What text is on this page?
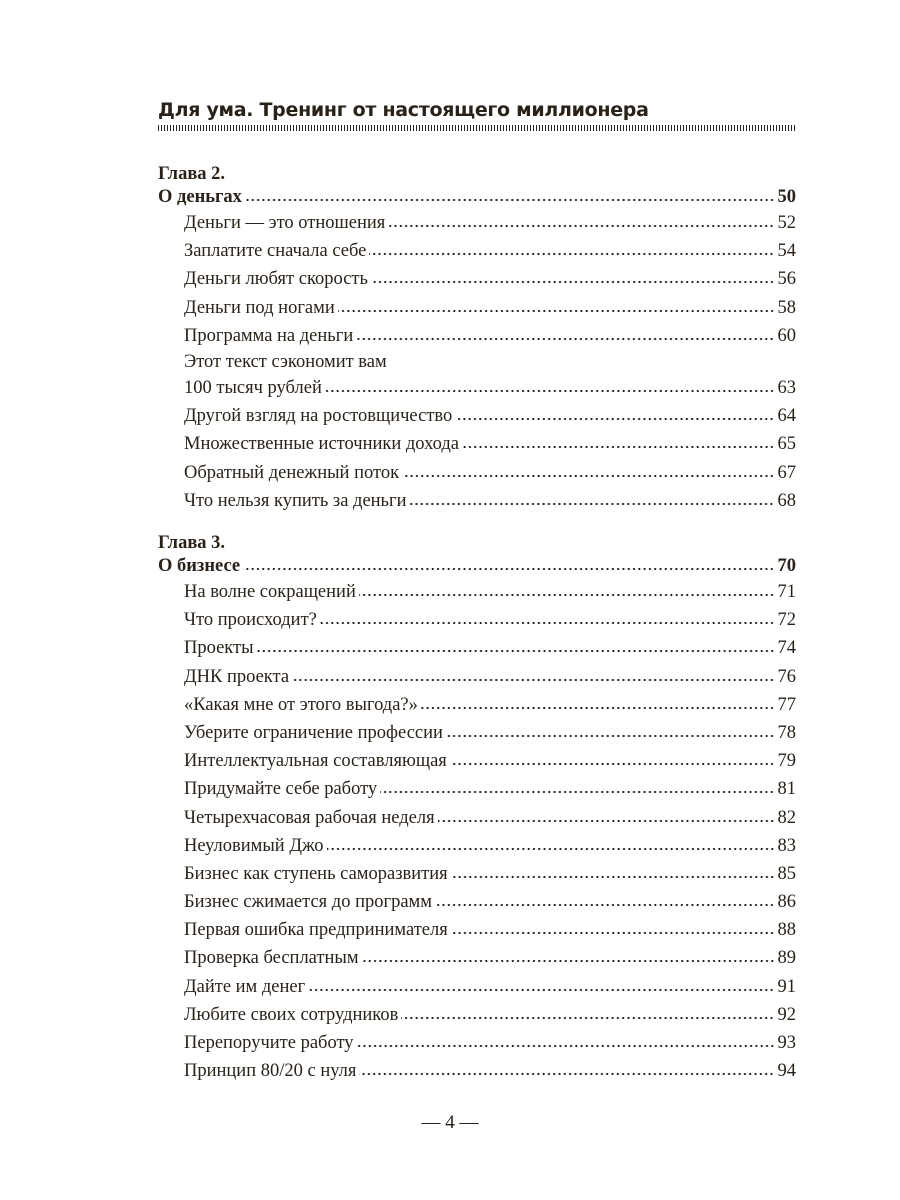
Для ума. Тренинг от настоящего миллионера
Глава 2.
О деньгах	50
Деньги — это отношения	52
Заплатите сначала себе	54
Деньги любят скорость	56
Деньги под ногами	58
Программа на деньги	60
Этот текст сэкономит вам
100 тысяч рублей	63
Другой взгляд на ростовщичество	64
Множественные источники дохода	65
Обратный денежный поток	67
Что нельзя купить за деньги	68
Глава 3.
О бизнесе	70
На волне сокращений	71
Что происходит?	72
Проекты	74
ДНК проекта	76
«Какая мне от этого выгода?»	77
Уберите ограничение профессии	78
Интеллектуальная составляющая	79
Придумайте себе работу	81
Четырехчасовая рабочая неделя	82
Неуловимый Джо	83
Бизнес как ступень саморазвития	85
Бизнес сжимается до программ	86
Первая ошибка предпринимателя	88
Проверка бесплатным	89
Дайте им денег	91
Любите своих сотрудников	92
Перепоручите работу	93
Принцип 80/20 с нуля	94
— 4 —
